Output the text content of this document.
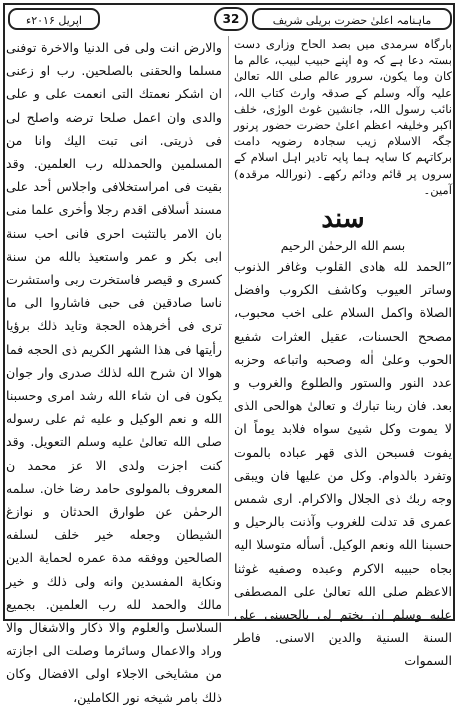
ماہنامہ اعلیٰ حضرت بریلی شریف
32
اپریل ۲۰۱۶ء

بارگاہ سرمدی میں بصد الحاح وزاری دست بستہ دعا ہے کہ وہ اپنے حبیب لبیب، عالم ما کان وما یکون، سرور عالم صلی اللہ تعالیٰ علیہ وآلہ وسلم کے صدقہ وارث کتاب اللہ، نائب رسول اللہ، جانشین غوث الورٰی، خلف اکبر وخلیفہ اعظم اعلیٰ حضرت حضور پرنور جگہ الاسلام زیب سجادہ رضویہ دامت برکاتہم کا سایہ ہما پایہ تادیر اہل اسلام کے سروں پر قائم ودائم رکھے۔ (نوراللہ مرقدہ) آمین۔

سند
بسم الله الرحمٰن الرحيم

”الحمد لله هادى القلوب وغافر الذنوب وساتر العيوب وكاشف الكروب وافضل الصلاة واكمل السلام على اخب محبوب، مصحح الحسنات، عقيل العثرات شفيع الحوب وعلىٰ اٰله وصحبه واتباعه وحزبه عدد النور والستور والطلوع والغروب و بعد. فان ربنا تبارك و تعالىٰ هوالحى الذى لا يموت وكل شيئ سواه فلابد يوماً ان يفوت فسبحن الذى قهر عباده بالموت وتفرد بالدوام. وكل من عليها فان ويبقى وجه ربك ذى الجلال والاكرام. ارى شمس عمرى قد تدلت للغروب وآذنت بالرحيل و حسبنا الله ونعم الوكيل. أسأله متوسلا اليه بجاه حبيبه الاكرم وعبده وصفيه غوثنا الاعظم صلى الله تعالىٰ على المصطفى عليه وسلم ان يختم لى بالحسنى على السنة السنية والدين الاسنى. فاطر السموات

والارض انت ولى فى الدنيا والاخرة توفنى مسلما والحقنى بالصلحين. رب او زعنى ان اشكر نعمتك التى انعمت على و على والدى وان اعمل صلحا ترضه واصلح لى فى ذريتى. انى تبت اليك وانا من المسلمين والحمدلله رب العلمين. وقد بقيت فى امراستخلافى واجلاس أحد على مسند أسلافى اقدم رجلا وأخرى علما منى بان الامر بالتثبت احرى فانى احب سنة ابى بكر و عمر واستعيذ بالله من سنة كسرى و قيصر فاستخرت ربى واستشرت ناسا صادقين فى حبى فاشاروا الى ما ترى فى أخرهذه الحجة وتايد ذلك برؤيا رأيتها فى هذا الشهر الكريم ذى الحجه فما هوالا ان شرح الله لذلك صدرى وار جوان يكون فى ان شاء الله رشد امرى وحسبنا الله و نعم الوكيل و عليه ثم على رسوله صلى الله تعالىٰ عليه وسلم التعويل. وقد كنت اجزت ولدى الا عز محمد ن المعروف بالمولوى حامد رضا خان. سلمه الرحمٰن عن طوارق الحدثان و نوازغ الشيطان وجعله خير خلف لسلفه الصالحين ووفقه مدة عمره لحماية الدين ونكاية المفسدين وانه ولى ذلك و خير مالك والحمد لله رب العلمين. بجميع السلاسل والعلوم والا ذكار والاشغال والا وراد والاعمال وسائرما وصلت الى اجازته من مشايخى الاجلاء اولى الافضال وكان ذلك بامر شيخه نور الكاملين،
